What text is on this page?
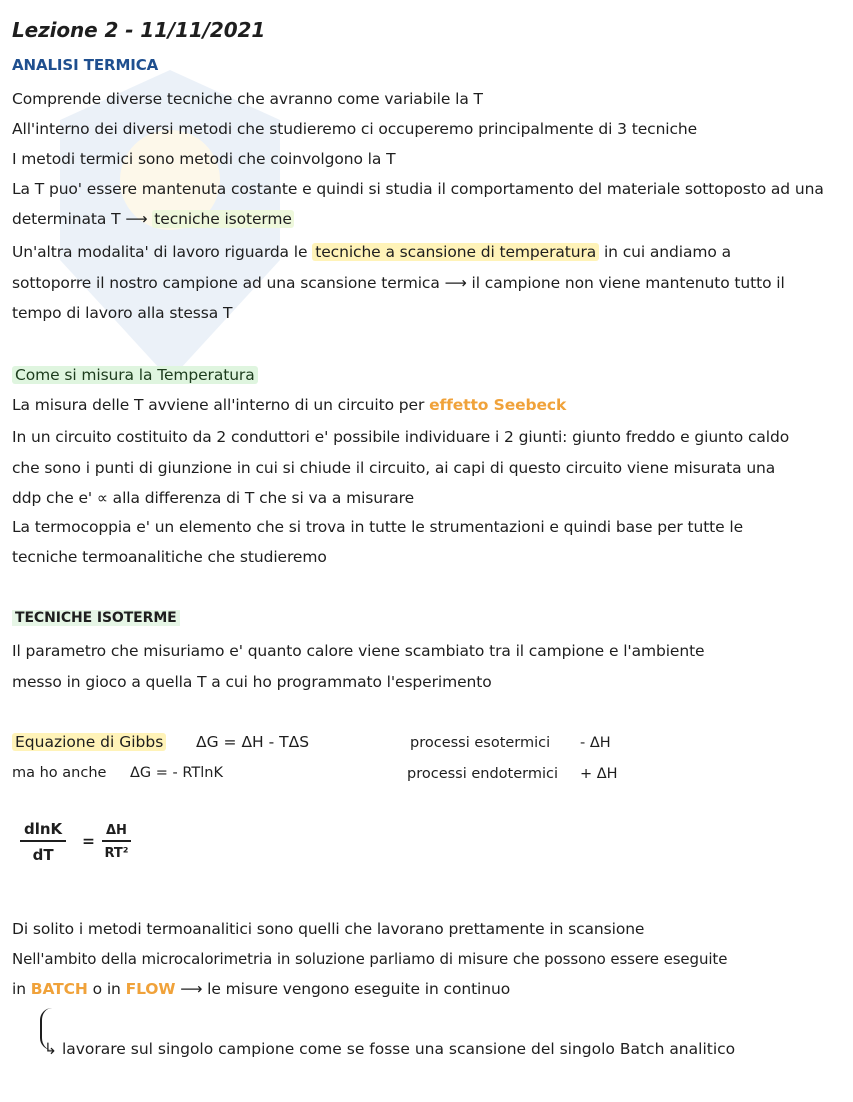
Lezione 2 - 11/11/2021
ANALISI TERMICA
Comprende diverse tecniche che avranno come variabile la T
All'interno dei diversi metodi che studieremo ci occuperemo principalmente di 3 tecniche
I metodi termici sono metodi che coinvolgono la T
La T puo' essere mantenuta costante e quindi si studia il comportamento del materiale sottoposto ad una
determinata T ⟶ tecniche isoterme
Un'altra modalita' di lavoro riguarda le tecniche a scansione di temperatura in cui andiamo a
sottoporre il nostro campione ad una scansione termica ⟶ il campione non viene mantenuto tutto il
tempo di lavoro alla stessa T
Come si misura la Temperatura
La misura delle T avviene all'interno di un circuito per effetto Seebeck
In un circuito costituito da 2 conduttori e' possibile individuare i 2 giunti: giunto freddo e giunto caldo
che sono i punti di giunzione in cui si chiude il circuito, ai capi di questo circuito viene misurata una
ddp che e' ∝ alla differenza di T che si va a misurare
La termocoppia e' un elemento che si trova in tutte le strumentazioni e quindi base per tutte le
tecniche termoanalitiche che studieremo
TECNICHE ISOTERME
Il parametro che misuriamo e' quanto calore viene scambiato tra il campione e l'ambiente
messo in gioco a quella T a cui ho programmato l'esperimento
Equazione di Gibbs ΔG = ΔH - TΔS	processi esotermici - ΔH
ma ho anche ΔG = - RTlnK	processi endotermici + ΔH
$\frac{dlnK}{dT} = \frac{\Delta H}{\text{RT²}}$
Di solito i metodi termoanalitici sono quelli che lavorano prettamente in scansione
Nell'ambito della microcalorimetria in soluzione parliamo di misure che possono essere eseguite
in BATCH o in FLOW ⟶ le misure vengono eseguite in continuo
↳ lavorare sul singolo campione come se fosse una scansione del singolo Batch analitico
